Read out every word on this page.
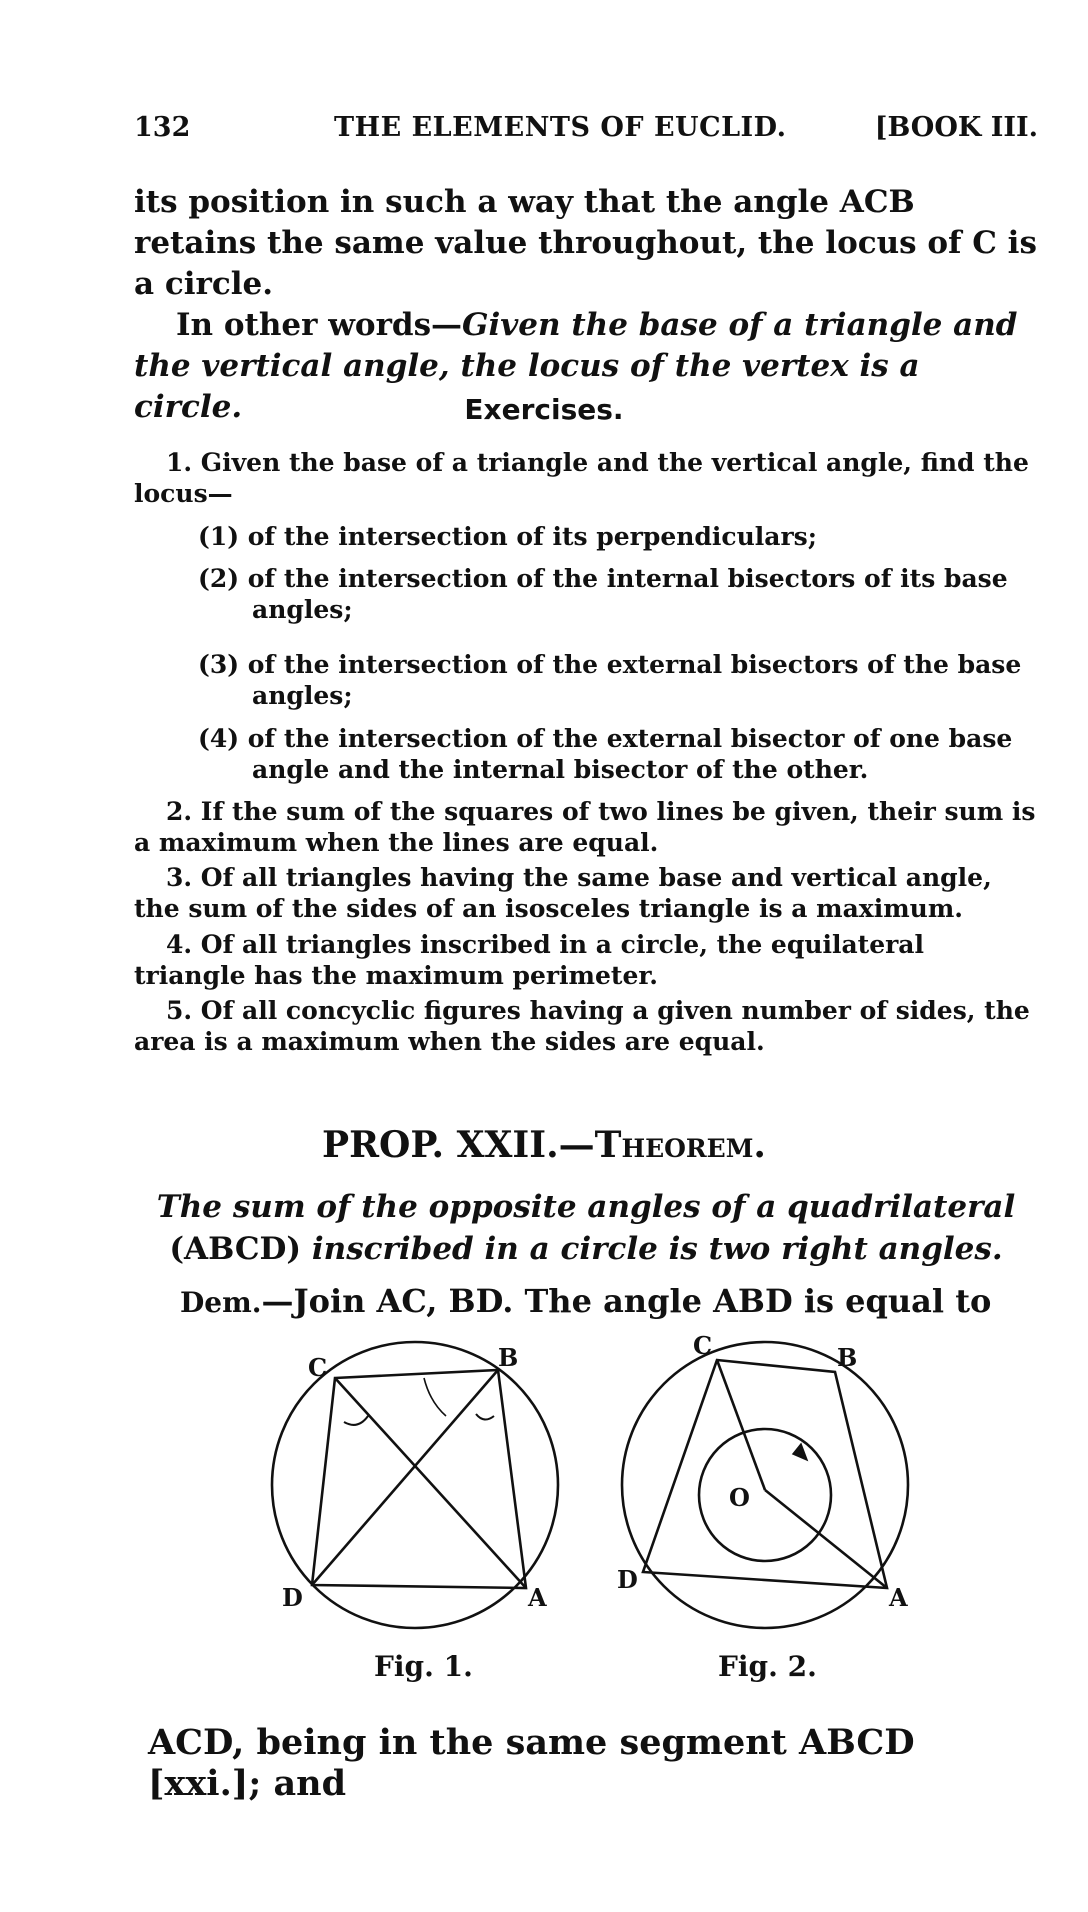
132	THE ELEMENTS OF EUCLID.	[BOOK III.

its position in such a way that the angle ACB retains the same value throughout, the locus of C is a circle.

In other words—Given the base of a triangle and the vertical angle, the locus of the vertex is a circle.	Exercises.

1. Given the base of a triangle and the vertical angle, find the locus—

(1) of the intersection of its perpendiculars;
(2) of the intersection of the internal bisectors of its base angles;
(3) of the intersection of the external bisectors of the base angles;
(4) of the intersection of the external bisector of one base angle and the internal bisector of the other.

2. If the sum of the squares of two lines be given, their sum is a maximum when the lines are equal.

3. Of all triangles having the same base and vertical angle, the sum of the sides of an isosceles triangle is a maximum.

4. Of all triangles inscribed in a circle, the equilateral triangle has the maximum perimeter.

5. Of all concyclic figures having a given number of sides, the area is a maximum when the sides are equal.

PROP. XXII.—Theorem.
The sum of the opposite angles of a quadrilateral (ABCD) inscribed in a circle is two right angles.
Dem.—Join AC, BD. The angle ABD is equal to
C	B
D	A
Fig. 1.
C	B
D
A
O
Fig. 2.
ACD, being in the same segment ABCD [xxi.]; and
